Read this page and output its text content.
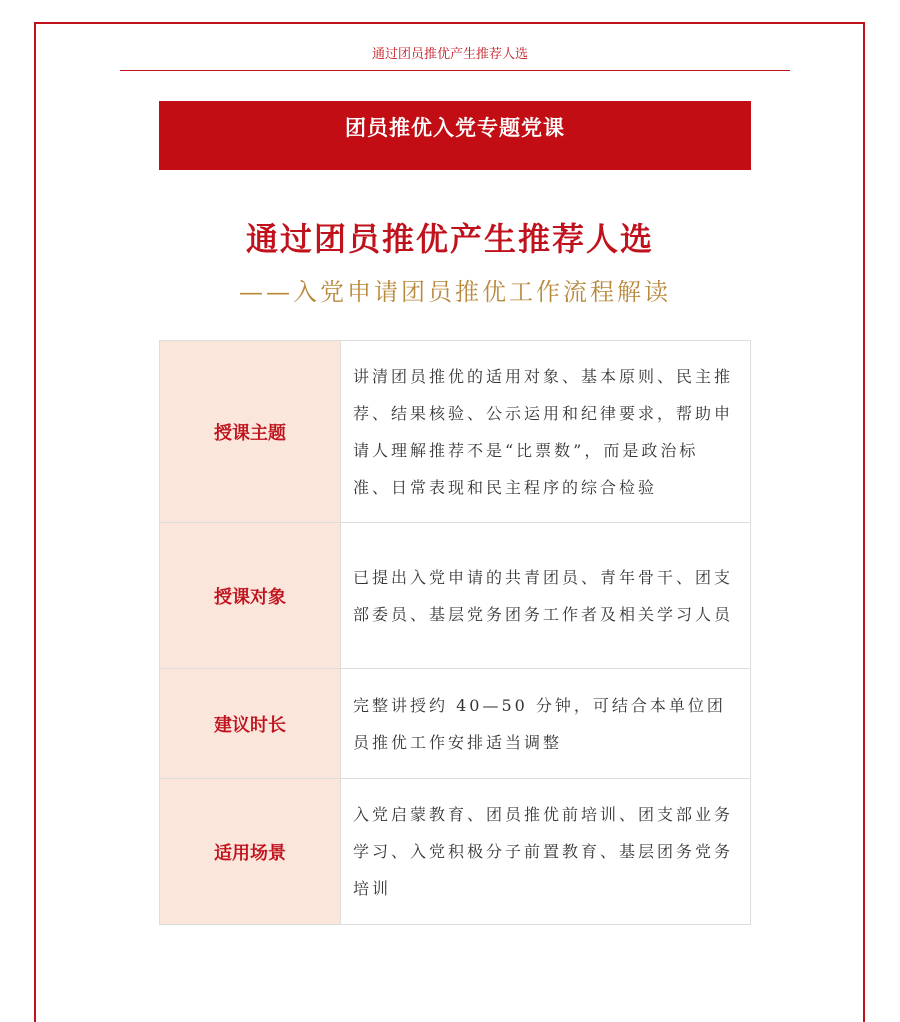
通过团员推优产生推荐人选
团员推优入党专题党课
通过团员推优产生推荐人选
——入党申请团员推优工作流程解读
授课主题	讲清团员推优的适用对象、基本原则、民主推荐、结果核验、公示运用和纪律要求，帮助申请人理解推荐不是“比票数”，而是政治标准、日常表现和民主程序的综合检验
授课对象	已提出入党申请的共青团员、青年骨干、团支部委员、基层党务团务工作者及相关学习人员
建议时长	完整讲授约 40—50 分钟，可结合本单位团员推优工作安排适当调整
适用场景	入党启蒙教育、团员推优前培训、团支部业务学习、入党积极分子前置教育、基层团务党务培训
